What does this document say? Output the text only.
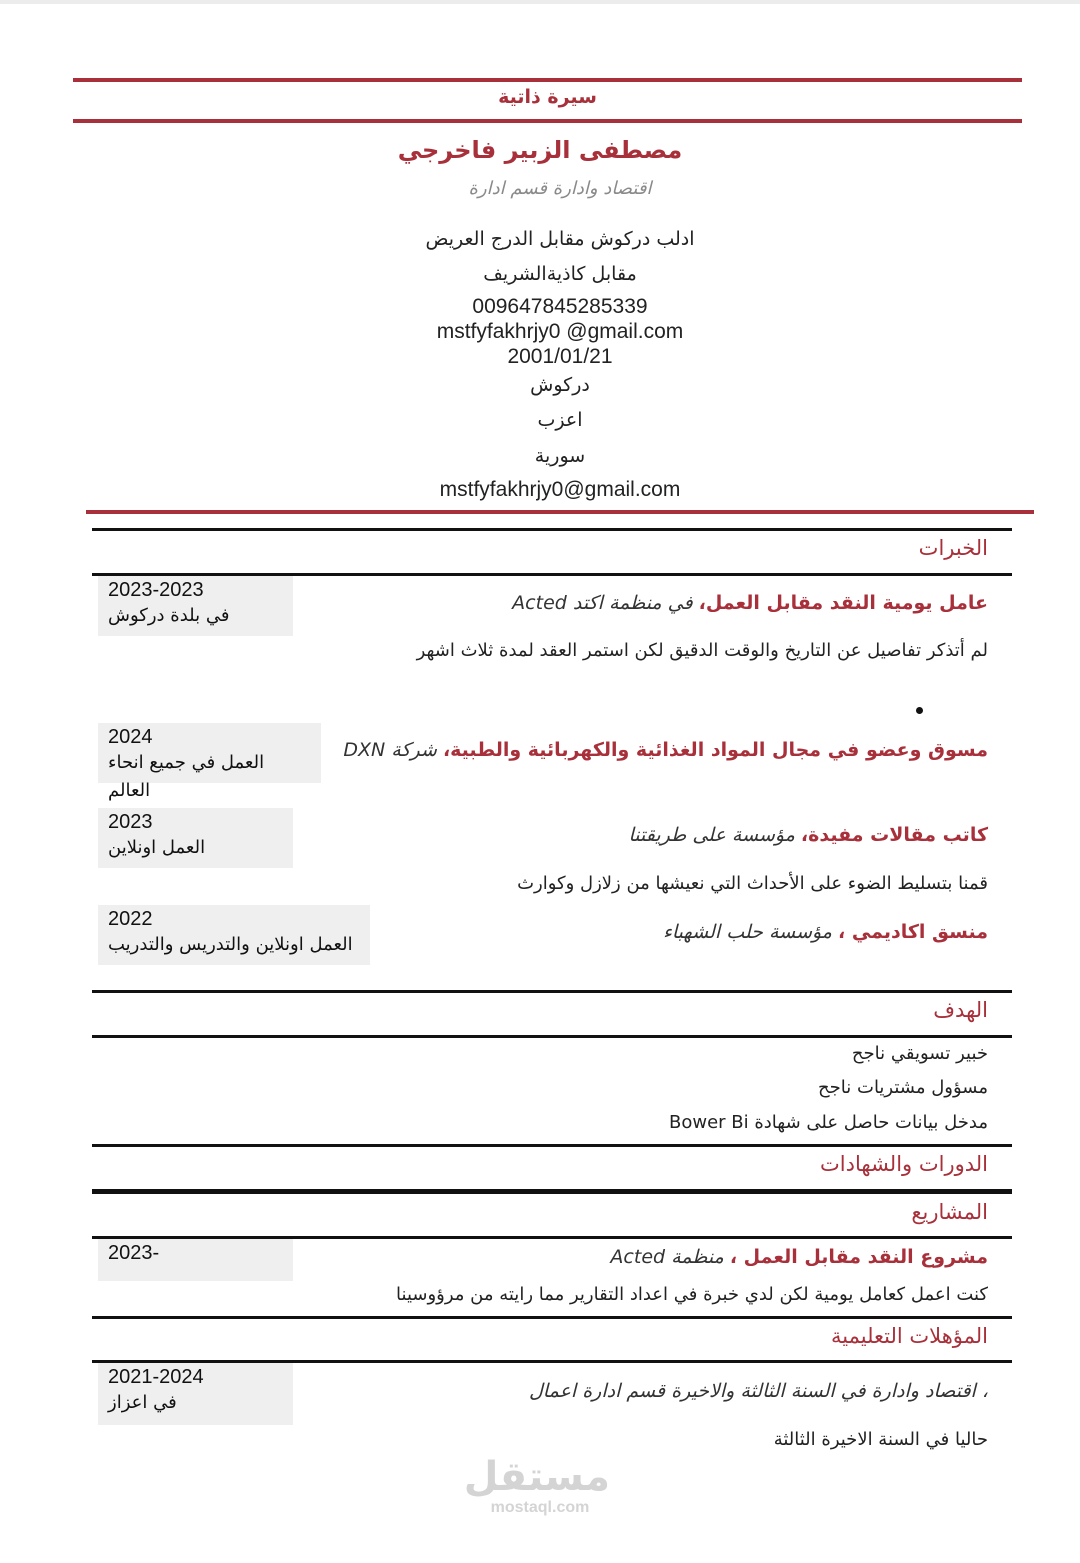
سيرة ذاتية
مصطفى الزبير فاخرجي
اقتصاد وادارة قسم ادارة
ادلب دركوش مقابل الدرج العريض
مقابل كاذيةالشريف
009647845285339
mstfyfakhrjy0 @gmail.com
2001/01/21
دركوش
اعزب
سورية
mstfyfakhrjy0@gmail.com
الخبرات
2023-2023
في بلدة دركوش
عامل يومية النقد مقابل العمل، في منظمة اكتد Acted
لم أتذكر تفاصيل عن التاريخ والوقت الدقيق لكن استمر العقد لمدة ثلاث اشهر
2024
العمل في جميع انحاء العالم
مسوق وعضو في مجال المواد الغذائية والكهربائية والطبية، شركة DXN
2023
العمل اونلاين
كاتب مقالات مفيدة، مؤسسة على طريقتنا
قمنا بتسليط الضوء على الأحداث التي نعيشها من زلازل وكوارث
2022
العمل اونلاين والتدريس والتدريب
منسق اكاديمي ، مؤسسة حلب الشهباء
الهدف
خبير تسويقي ناجح
مسؤول مشتريات ناجح
مدخل بيانات حاصل على شهادة Bower Bi
الدورات والشهادات
المشاريع
2023-	مشروع النقد مقابل العمل ، منظمة Acted
كنت اعمل كعامل يومية لكن لدي خبرة في اعداد التقارير مما رايته من مرؤوسينا
المؤهلات التعليمية
2021-2024
في اعزاز
، اقتصاد وادارة في السنة الثالثة والاخيرة قسم ادارة اعمال
حاليا في السنة الاخيرة الثالثة
مستقل
mostaql.com
